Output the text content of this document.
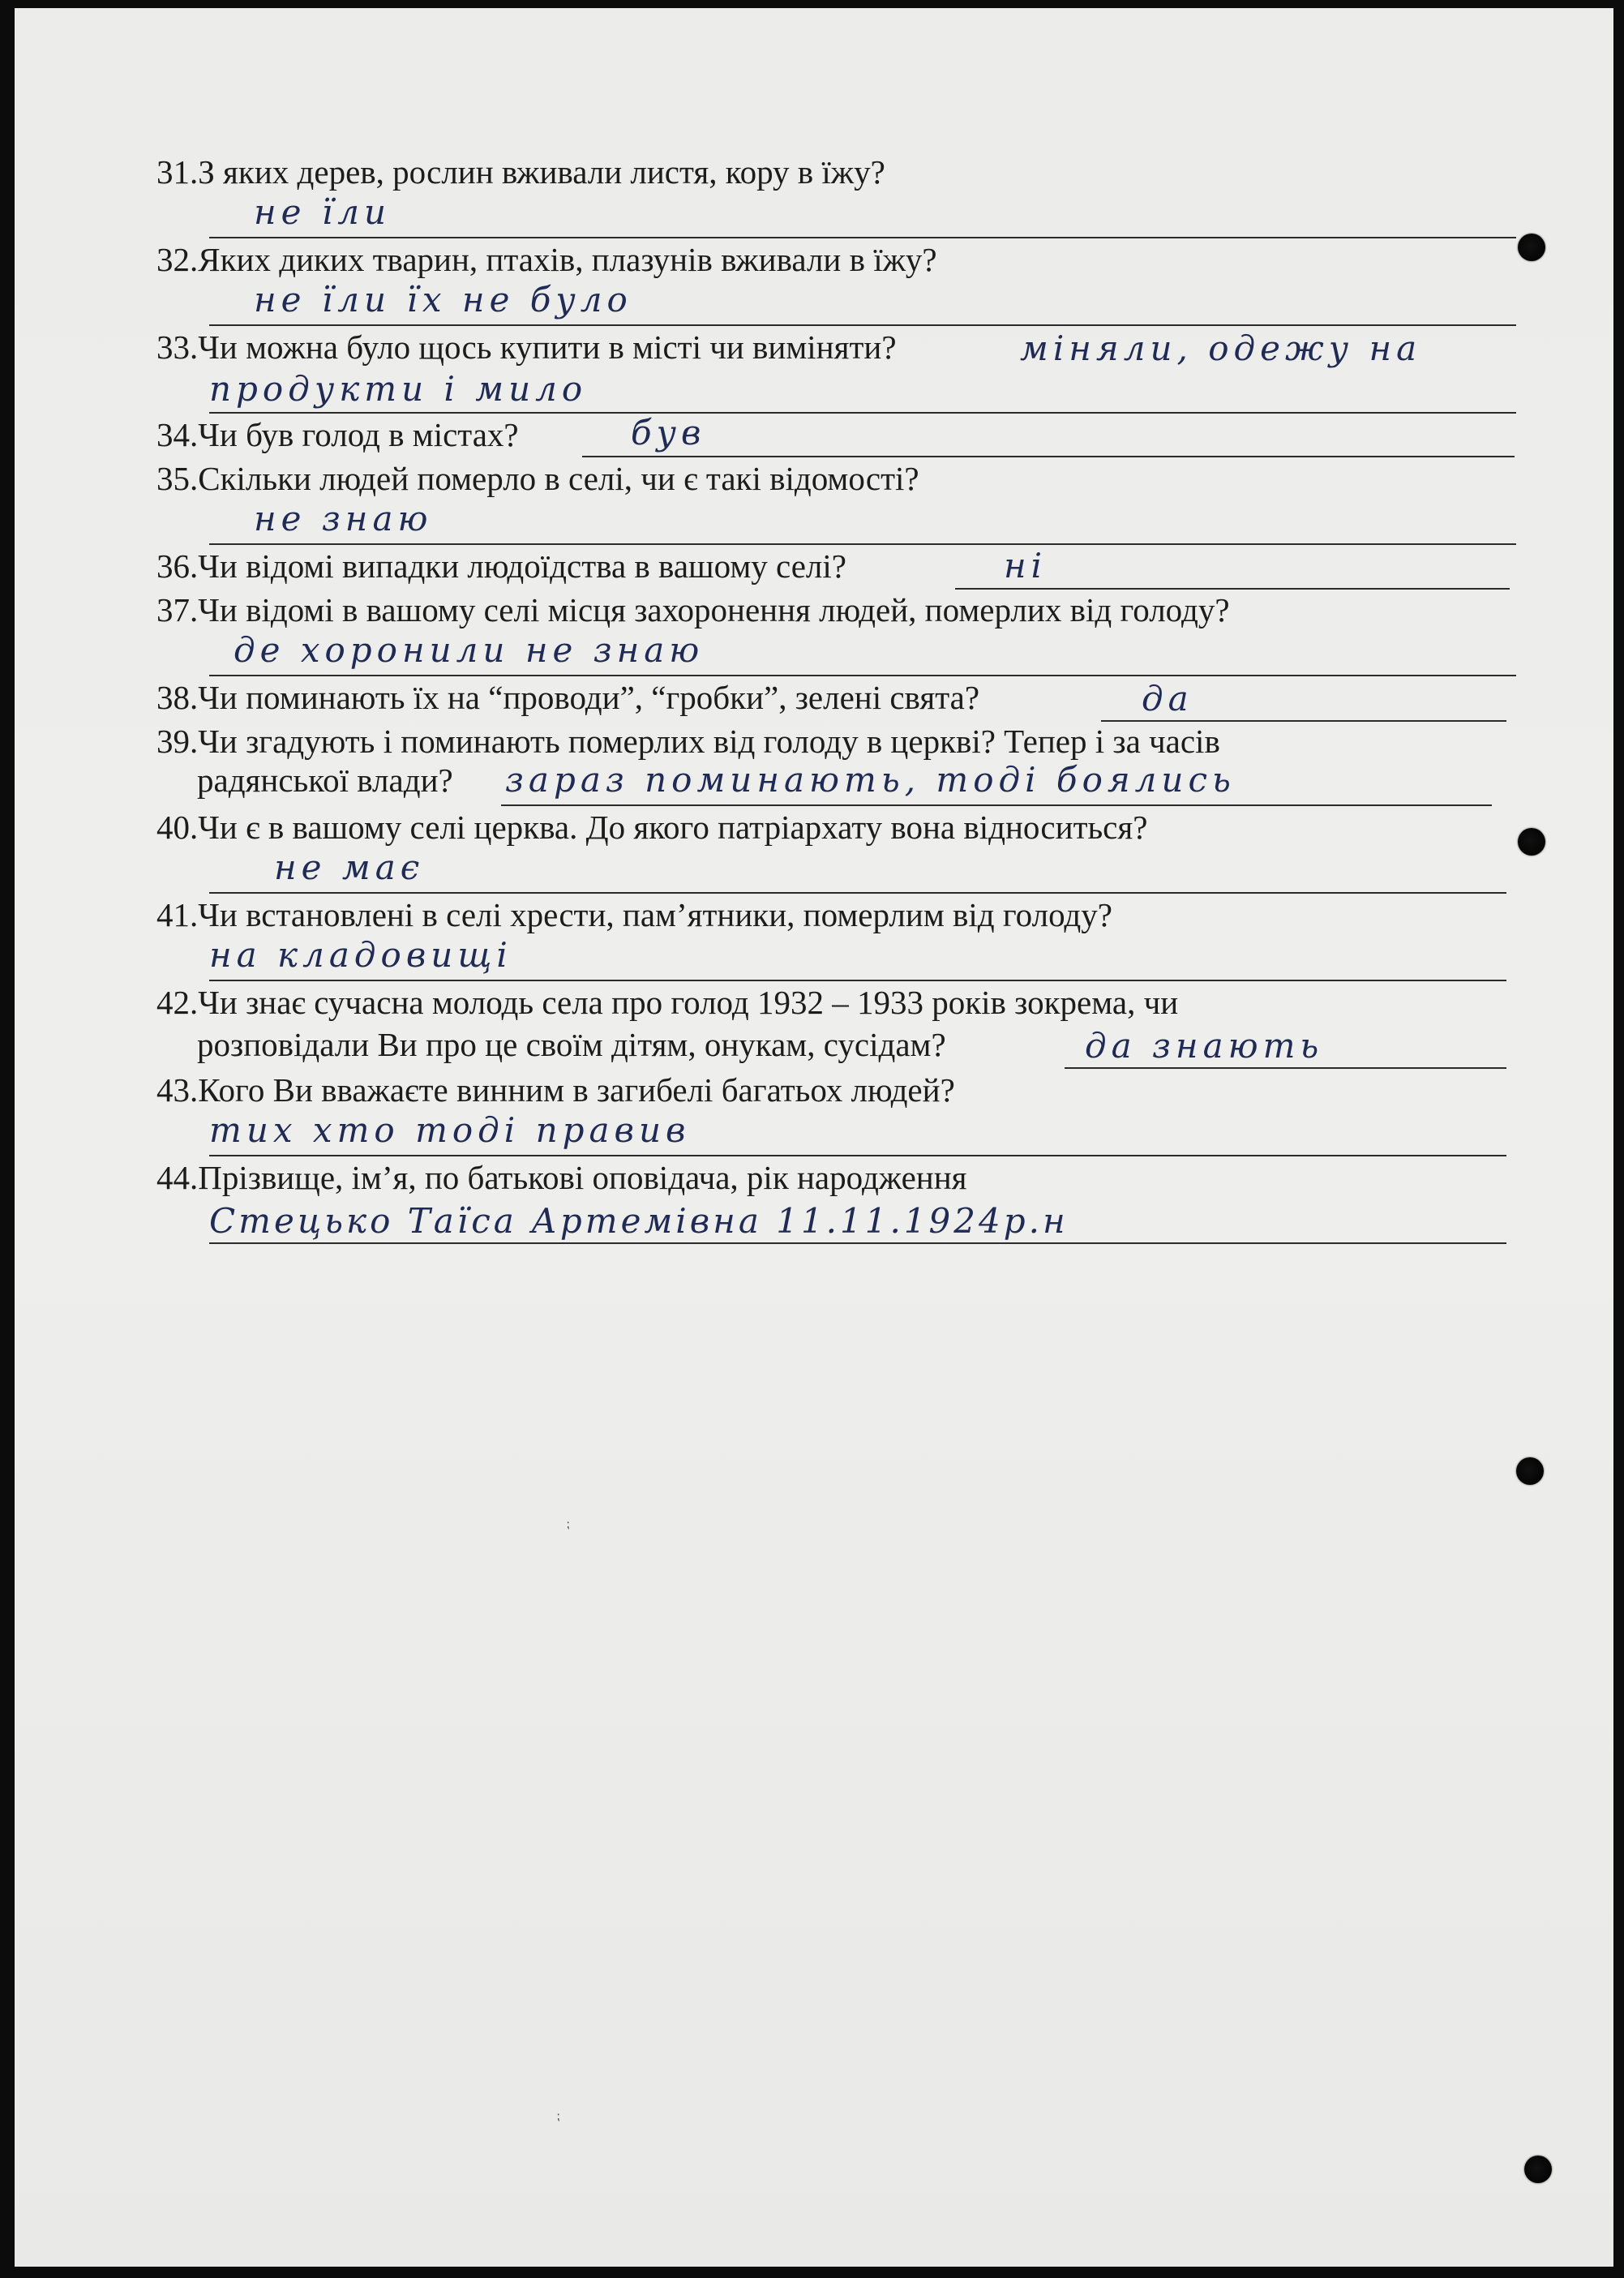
31.З яких дерев, рослин вживали листя, кору в їжу?

не їли

32.Яких диких тварин, птахів, плазунів вживали в їжу?

не їли їх не було

33.Чи можна було щось купити в місті чи виміняти?	міняли, одежу на

продукти і мило

34.Чи був голод в містах?	був

35.Скільки людей померло в селі, чи є такі відомості?

не знаю

36.Чи відомі випадки людоїдства в вашому селі?	ні

37.Чи відомі в вашому селі місця захоронення людей, померлих від голоду?

де хоронили не знаю

38.Чи поминають їх на “проводи”, “гробки”, зелені свята?	да

39.Чи згадують і поминають померлих від голоду в церкві? Тепер і за часів

радянської влади? зараз поминають, тоді боялись

40.Чи є в вашому селі церква. До якого патріархату вона відноситься?

не має

41.Чи встановлені в селі хрести, пам’ятники, померлим від голоду?

на кладовищі

42.Чи знає сучасна молодь села про голод 1932 – 1933 років зокрема, чи

розповідали Ви про це своїм дітям, онукам, сусідам?	да знають

43.Кого Ви вважаєте винним в загибелі багатьох людей?

тих хто тоді правив

44.Прізвище, ім’я, по батькові оповідача, рік народження

Стецько Таїса Артемівна 11.11.1924р.н

⁏
⁏
